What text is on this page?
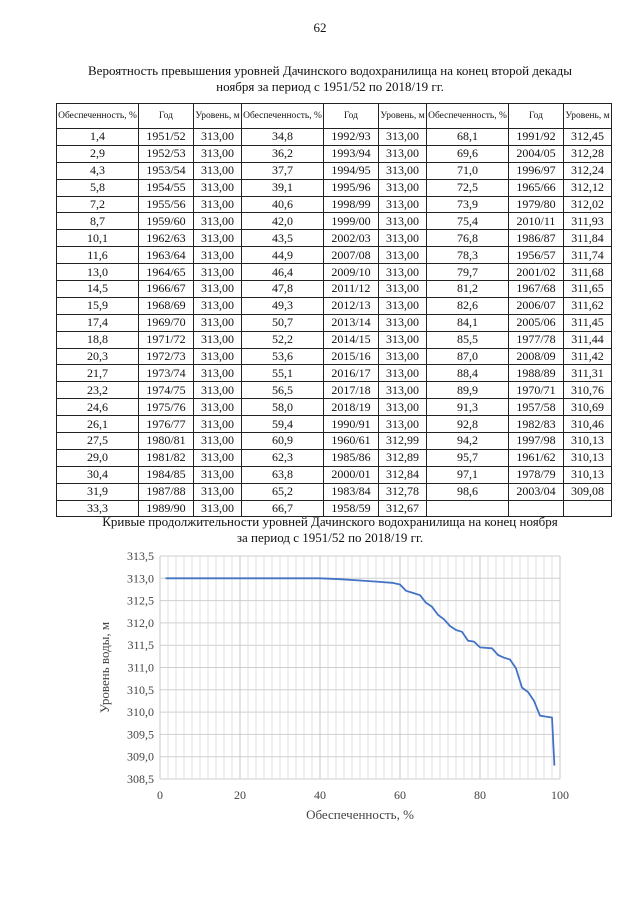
62
Вероятность превышения уровней Дачинского водохранилища на конец второй декады
ноября за период с 1951/52 по 2018/19 гг.
Обеспеченность, %	Год	Уровень, м	Обеспеченность, %	Год	Уровень, м	Обеспеченность, %	Год	Уровень, м
1,4	1951/52	313,00	34,8	1992/93	313,00	68,1	1991/92	312,45
2,9	1952/53	313,00	36,2	1993/94	313,00	69,6	2004/05	312,28
4,3	1953/54	313,00	37,7	1994/95	313,00	71,0	1996/97	312,24
5,8	1954/55	313,00	39,1	1995/96	313,00	72,5	1965/66	312,12
7,2	1955/56	313,00	40,6	1998/99	313,00	73,9	1979/80	312,02
8,7	1959/60	313,00	42,0	1999/00	313,00	75,4	2010/11	311,93
10,1	1962/63	313,00	43,5	2002/03	313,00	76,8	1986/87	311,84
11,6	1963/64	313,00	44,9	2007/08	313,00	78,3	1956/57	311,74
13,0	1964/65	313,00	46,4	2009/10	313,00	79,7	2001/02	311,68
14,5	1966/67	313,00	47,8	2011/12	313,00	81,2	1967/68	311,65
15,9	1968/69	313,00	49,3	2012/13	313,00	82,6	2006/07	311,62
17,4	1969/70	313,00	50,7	2013/14	313,00	84,1	2005/06	311,45
18,8	1971/72	313,00	52,2	2014/15	313,00	85,5	1977/78	311,44
20,3	1972/73	313,00	53,6	2015/16	313,00	87,0	2008/09	311,42
21,7	1973/74	313,00	55,1	2016/17	313,00	88,4	1988/89	311,31
23,2	1974/75	313,00	56,5	2017/18	313,00	89,9	1970/71	310,76
24,6	1975/76	313,00	58,0	2018/19	313,00	91,3	1957/58	310,69
26,1	1976/77	313,00	59,4	1990/91	313,00	92,8	1982/83	310,46
27,5	1980/81	313,00	60,9	1960/61	312,99	94,2	1997/98	310,13
29,0	1981/82	313,00	62,3	1985/86	312,89	95,7	1961/62	310,13
30,4	1984/85	313,00	63,8	2000/01	312,84	97,1	1978/79	310,13
31,9	1987/88	313,00	65,2	1983/84	312,78	98,6	2003/04	309,08
33,3	1989/90	313,00	66,7	1958/59	312,67			
Кривые продолжительности уровней Дачинского водохранилища на конец ноября
за период с 1951/52 по 2018/19 гг.
313,5
313,0
312,5
312,0
311,5
311,0
310,5
310,0
309,5
309,0
308,5
0	20	40	60	80	100
Обеспеченность, %
Уровень воды, м
